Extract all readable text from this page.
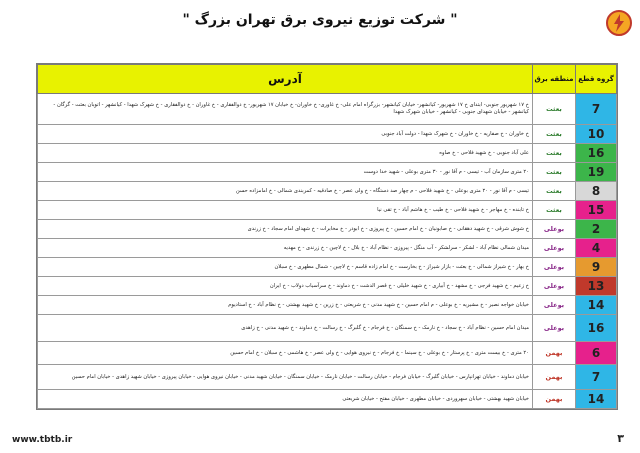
" شرکت توزیع نیروی برق تهران بزرگ "
گروه قطع	منطقه برق	آدرس
7	بعثت	خ ۱۷ شهریور جنوبی- ابتدای خ ۱۷ شهریور- کیانشهر- خیابان کیانشهر- بزرگراه امام علی- خ غاوری- خ خاوران- خ خیابان ۱۷ شهریور- خ ذوالفقاری - خ غاوران - خ ذوالفقاری - خ شهرک شهدا - کیانشهر - اتوبان بعثت - گرگان - کیانشهر - خیابان شهدای جنوبی - کیانشهر - خیابان شهرک شهدا
10	بعثت	خ خاوران - خ صفاریه - خ خاوران - خ شهرک شهدا - دولت آباد جنوبی
16	بعثت	علی آباد جنوبی - خ شهید فلاحی - خ صاوه
19	بعثت	۲۰ متری سازمان آب - تیسی - م آقا نور - ۳۰ متری بوعلی - شهید خدا دوست
8	بعثت	تیسی - م آقا نور - ۲۰ متری بوعلی - خ شهید فلاحی - م چهار صد دستگاه - خ ولی عصر - خ صادقیه - کمربندی شمالی - خ امامزاده حسن
15	بعثت	خ تابنده - خ مهاجر - خ شهید فلاحی - خ طیب - خ هاشم آباد - خ تقی نیا
2	بوعلی	خ شوش شرقی - خ شهید دهقانی - خ صابونیان - خ امام حسین - خ پیروزی - خ ابوذر - خ مخابرات - خ شهدای امام سجاد - خ زرندی
4	بوعلی	میدان شمالی نظام آباد - لشکر - سرلشکر - آب منگل - پیروزی - نظام آباد - خ بلال - خ لاچین - خ زرندی - خ مهدیه
9	بوعلی	خ بهار - خ شیراز شمالی - خ بعثت - بازار شیراز - خ بخارست - خ امام زاده قاسم - خ لاچین - شمال مطهری - خ سبلان
13	بوعلی	خ زعیم - خ شهید فرجی - خ مشهد - خ آبیاری - خ شهید خلیلی - خ قصر الدشت - خ دماوند - خ سرآسیاب دولاب - خ ایران
14	بوعلی	خیابان خواجه نصیر - خ مشیریه - خ بوعلی - م امام حسین - خ شهید مدنی - خ شریعتی - خ زرین - خ شهید بهشتی - خ نظام آباد - خ استادیوم
16	بوعلی	میدان امام حسین - نظام آباد - خ سجاد - خ نارمک - خ سمنگان - خ فرجام - خ گلبرگ - خ رسالت - خ دماوند - خ شهید مدنی - خ زاهدی
6	بهمن	۲۰ متری - خ بیست متری - خ پرستار - خ بوعلی - خ سینما - خ فرجام - خ نیروی هوایی - خ ولی عصر - خ هاشمی - خ سبلان - خ امام حسین
7	بهمن	خیابان دماوند - خیابان تهرانپارس - خیابان گلبرگ - خیابان فرجام - خیابان رسالت - خیابان نارمک - خیابان سمنگان - خیابان شهید مدنی - خیابان نیروی هوایی - خیابان پیروزی - خیابان شهید زاهدی - خیابان امام حسین
14	بهمن	خیابان شهید بهشتی - خیابان سهروردی - خیابان مطهری - خیابان مفتح - خیابان شریعتی
www.tbtb.ir	۳
